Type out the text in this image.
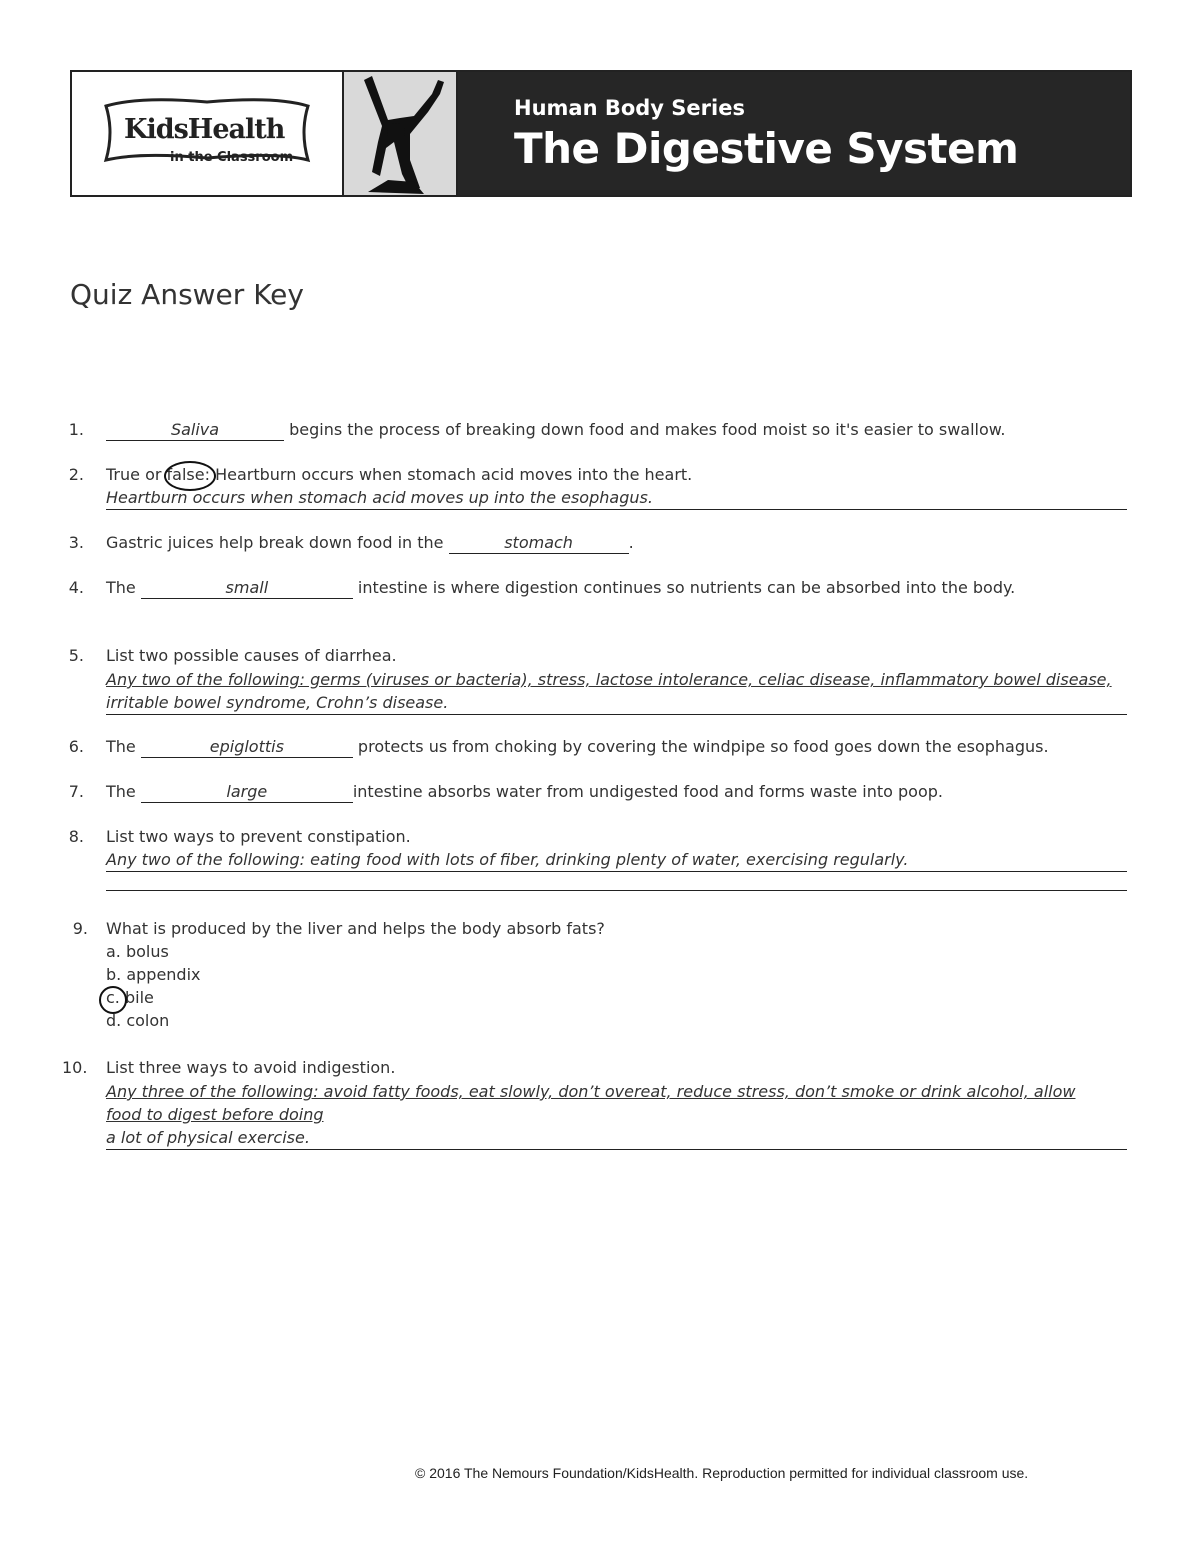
KidsHealth
in the Classroom
Human Body Series
The Digestive System
Quiz Answer Key
1.	Saliva	begins the process of breaking down food and makes food moist so it's easier to swallow.
2. True or false: Heartburn occurs when stomach acid moves into the heart.
Heartburn occurs when stomach acid moves up into the esophagus.
3. Gastric juices help break down food in the	stomach	.
4. The	small	intestine is where digestion continues so nutrients can be absorbed into the body.
5. List two possible causes of diarrhea.
Any two of the following: germs (viruses or bacteria), stress, lactose intolerance, celiac disease, inflammatory bowel disease,
irritable bowel syndrome, Crohn’s disease.
6. The	epiglottis	protects us from choking by covering the windpipe so food goes down the esophagus.
7. The	large	intestine absorbs water from undigested food and forms waste into poop.
8. List two ways to prevent constipation.
Any two of the following: eating food with lots of fiber, drinking plenty of water, exercising regularly.
9. What is produced by the liver and helps the body absorb fats?
a. bolus
b. appendix
c. bile
d. colon
10. List three ways to avoid indigestion.
Any three of the following: avoid fatty foods, eat slowly, don’t overeat, reduce stress, don’t smoke or drink alcohol, allow
food to digest before doing
a lot of physical exercise.
© 2016 The Nemours Foundation/KidsHealth. Reproduction permitted for individual classroom use.
